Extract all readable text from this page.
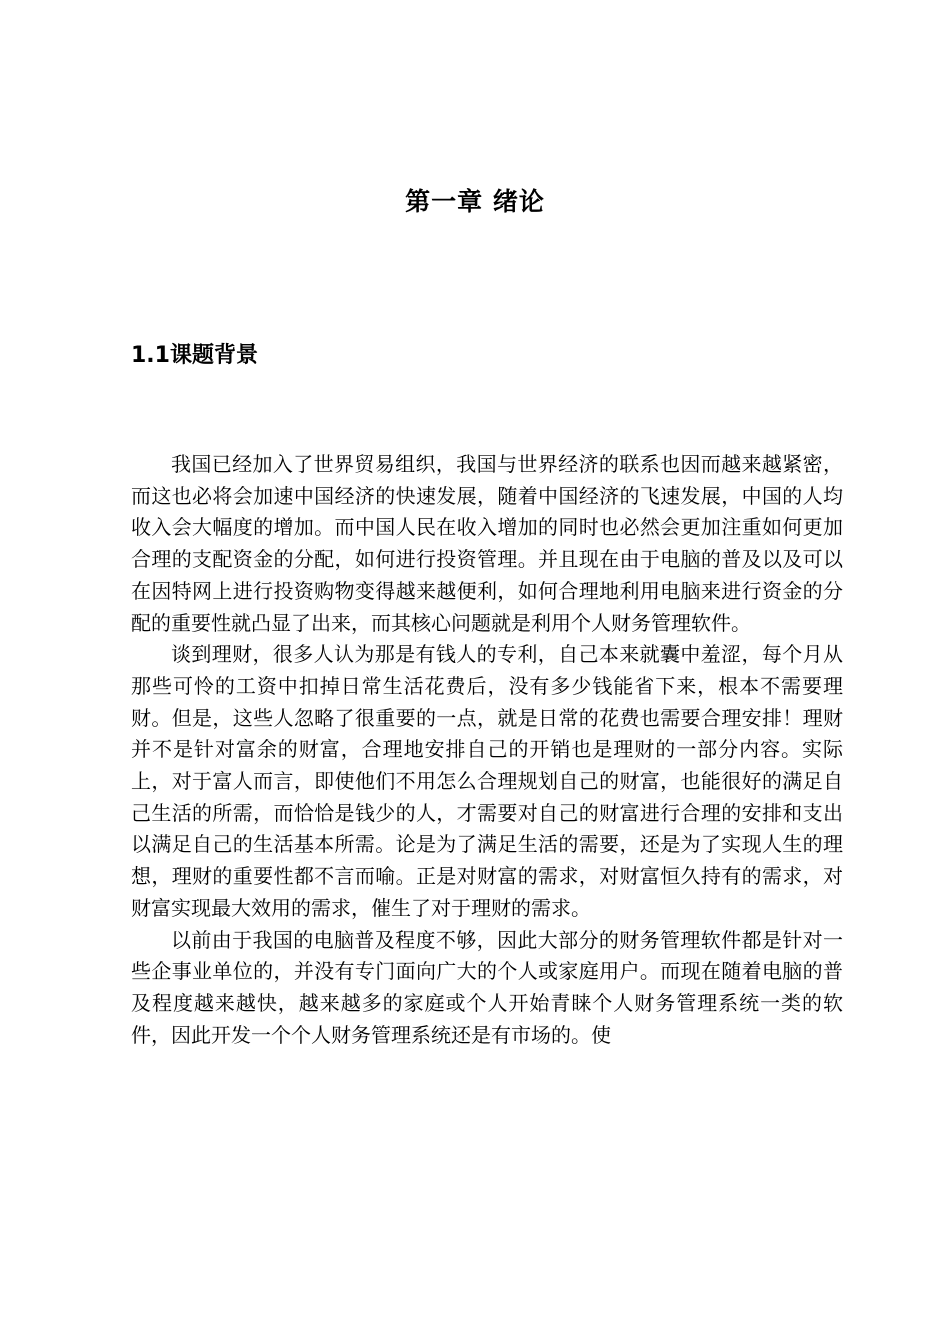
第一章 绪论
1.1课题背景

我国已经加入了世界贸易组织，我国与世界经济的联系也因而越来越紧密，而这也必将会加速中国经济的快速发展，随着中国经济的飞速发展，中国的人均收入会大幅度的增加。而中国人民在收入增加的同时也必然会更加注重如何更加合理的支配资金的分配，如何进行投资管理。并且现在由于电脑的普及以及可以在因特网上进行投资购物变得越来越便利，如何合理地利用电脑来进行资金的分配的重要性就凸显了出来，而其核心问题就是利用个人财务管理软件。

谈到理财，很多人认为那是有钱人的专利，自己本来就囊中羞涩，每个月从那些可怜的工资中扣掉日常生活花费后，没有多少钱能省下来，根本不需要理财。但是，这些人忽略了很重要的一点，就是日常的花费也需要合理安排！理财并不是针对富余的财富，合理地安排自己的开销也是理财的一部分内容。实际上，对于富人而言，即使他们不用怎么合理规划自己的财富，也能很好的满足自己生活的所需，而恰恰是钱少的人，才需要对自己的财富进行合理的安排和支出以满足自己的生活基本所需。论是为了满足生活的需要，还是为了实现人生的理想，理财的重要性都不言而喻。正是对财富的需求，对财富恒久持有的需求，对财富实现最大效用的需求，催生了对于理财的需求。

以前由于我国的电脑普及程度不够，因此大部分的财务管理软件都是针对一些企事业单位的，并没有专门面向广大的个人或家庭用户。而现在随着电脑的普及程度越来越快，越来越多的家庭或个人开始青睐个人财务管理系统一类的软件，因此开发一个个人财务管理系统还是有市场的。使
